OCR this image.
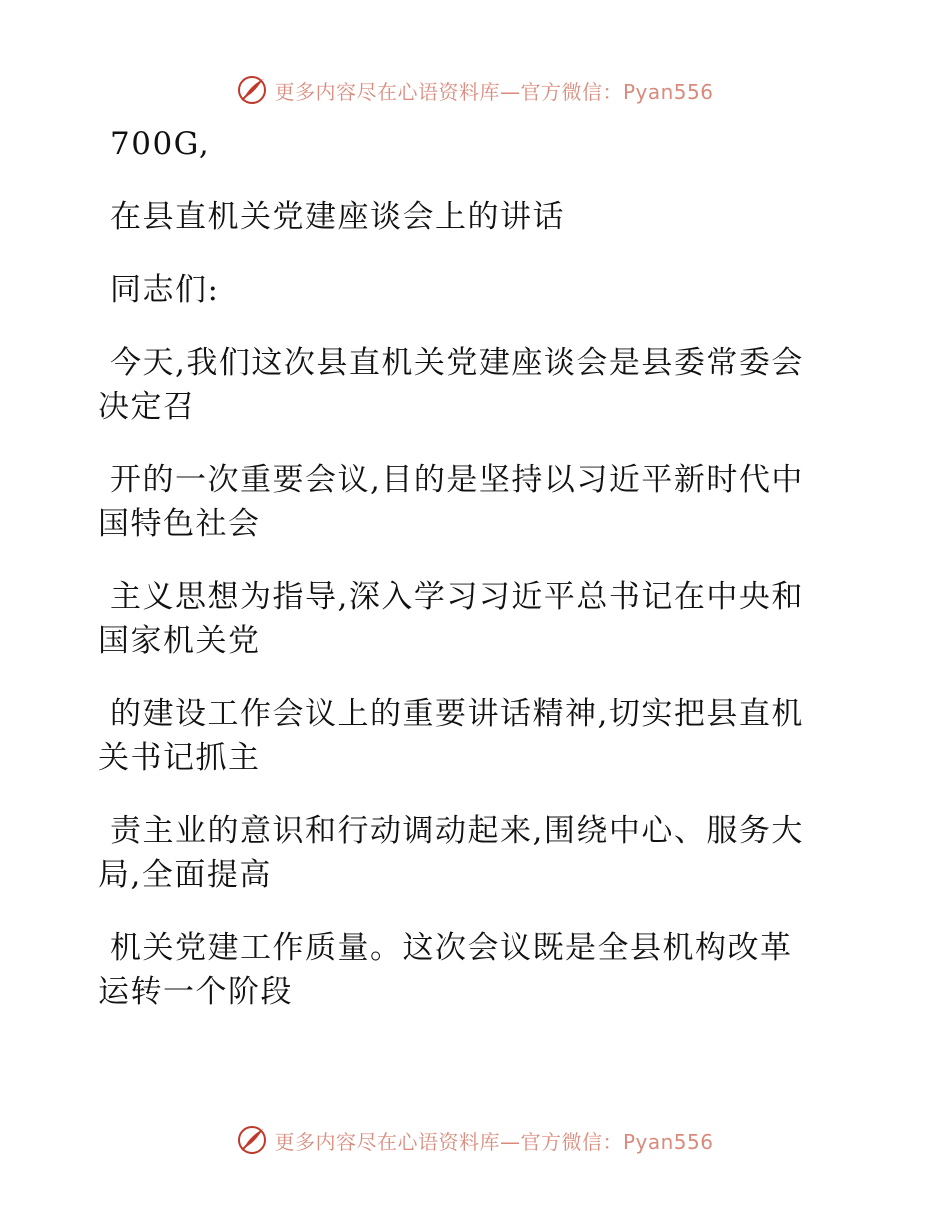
更多内容尽在心语资料库—官方微信：Pyan556

700G,

在县直机关党建座谈会上的讲话

同志们:

今天,我们这次县直机关党建座谈会是县委常委会

决定召

开的一次重要会议,目的是坚持以习近平新时代中

国特色社会

主义思想为指导,深入学习习近平总书记在中央和

国家机关党

的建设工作会议上的重要讲话精神,切实把县直机

关书记抓主

责主业的意识和行动调动起来,围绕中心、服务大

局,全面提高

机关党建工作质量。这次会议既是全县机构改革

运转一个阶段

更多内容尽在心语资料库—官方微信：Pyan556
